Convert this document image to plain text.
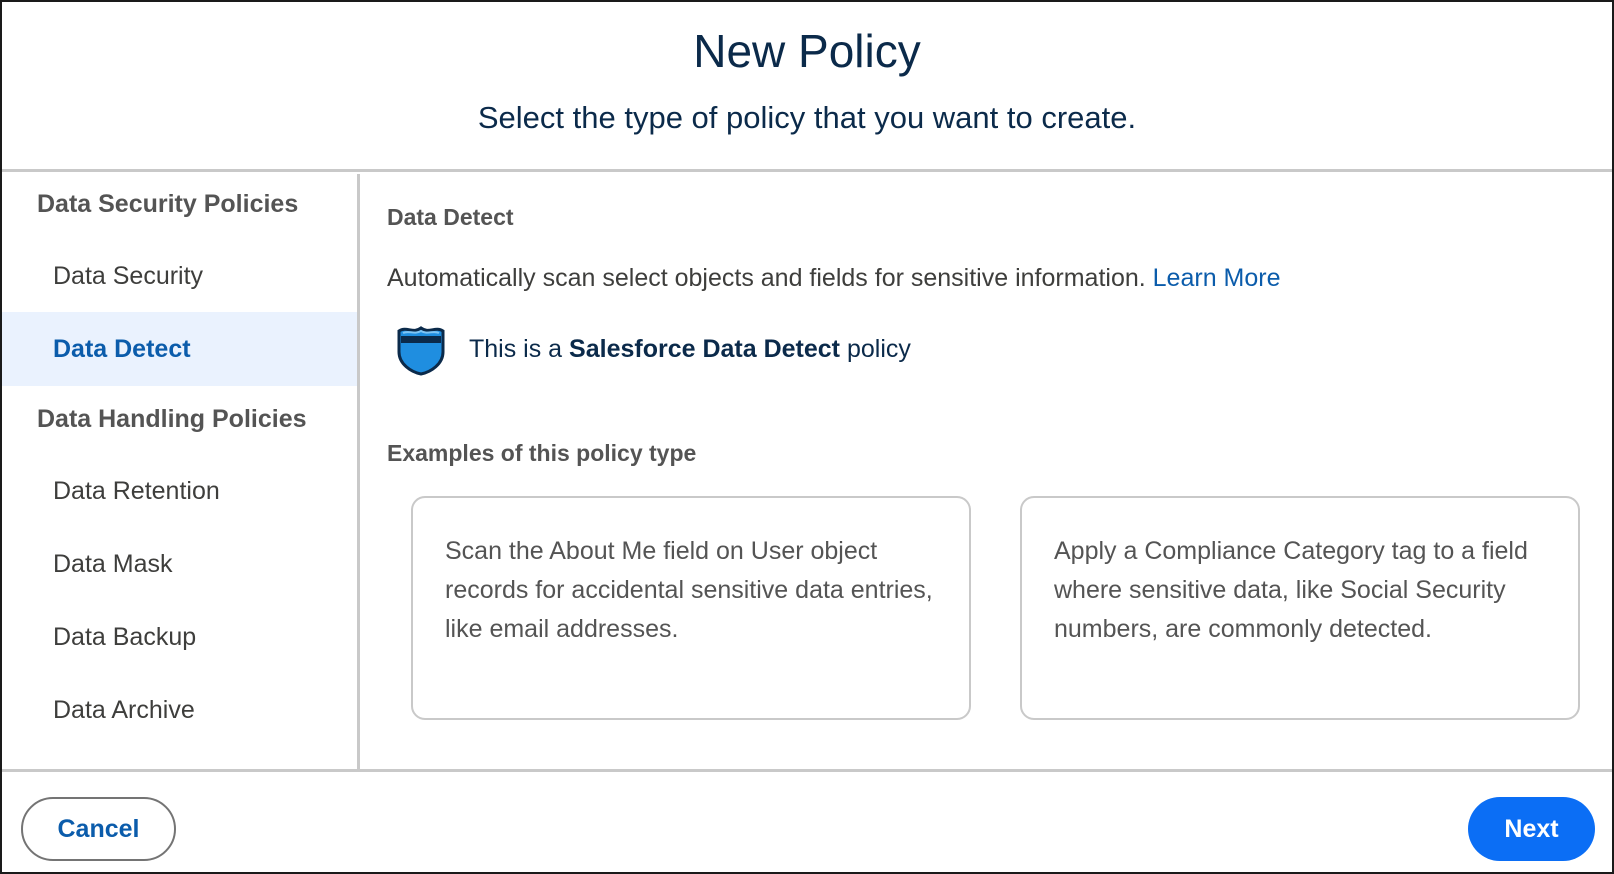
New Policy
Select the type of policy that you want to create.
Data Security Policies
Data Security
Data Detect
Data Handling Policies
Data Retention
Data Mask
Data Backup
Data Archive
Data Detect
Automatically scan select objects and fields for sensitive information. Learn More
This is a Salesforce Data Detect policy
Examples of this policy type
Scan the About Me field on User object records for accidental sensitive data entries, like email addresses.
Apply a Compliance Category tag to a field where sensitive data, like Social Security numbers, are commonly detected.
Cancel	Next
